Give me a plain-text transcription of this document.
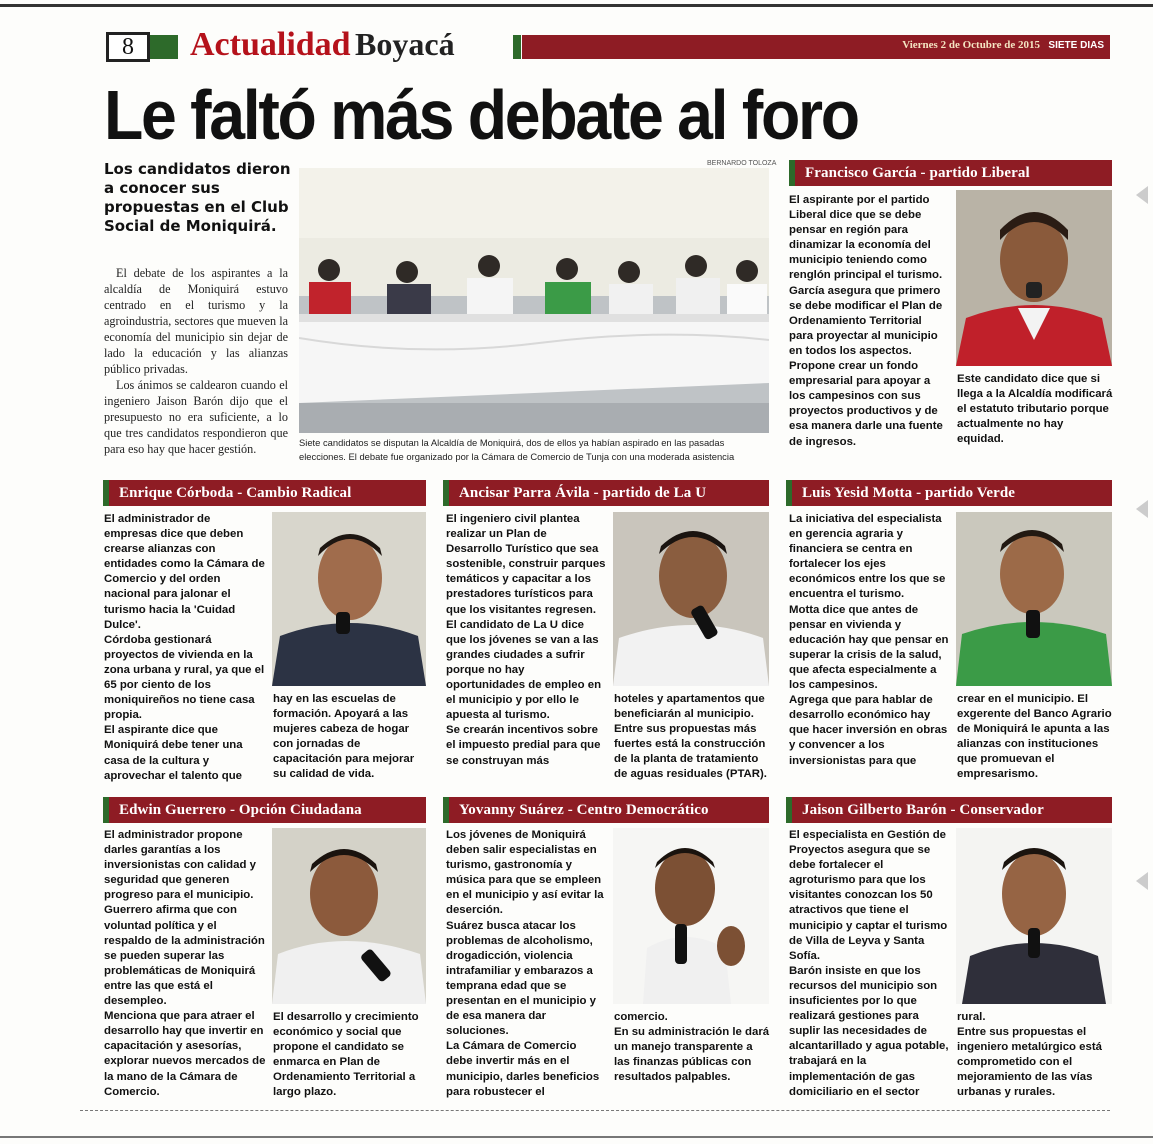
8	Actualidad Boyacá	Viernes 2 de Octubre de 2015 SIETE DIAS
Le faltó más debate al foro
Los candidatos dieron a conocer sus propuestas en el Club Social de Moniquirá.

El debate de los aspirantes a la alcaldía de Moniquirá estuvo centrado en el turismo y la agroindustria, sectores que mueven la economía del municipio sin dejar de lado la educación y las alianzas público privadas.

Los ánimos se caldearon cuando el ingeniero Jaison Barón dijo que el presupuesto no era suficiente, a lo que tres candidatos respondieron que para eso hay que hacer gestión.

BERNARDO TOLOZA
Siete candidatos se disputan la Alcaldía de Moniquirá, dos de ellos ya habían aspirado en las pasadas elecciones. El debate fue organizado por la Cámara de Comercio de Tunja con una moderada asistencia
Francisco García - partido Liberal
El aspirante por el partido Liberal dice que se debe pensar en región para dinamizar la economía del municipio teniendo como renglón principal el turismo.
García asegura que primero se debe modificar el Plan de Ordenamiento Territorial para proyectar al municipio en todos los aspectos.
Propone crear un fondo empresarial para apoyar a los campesinos con sus proyectos productivos y de esa manera darle una fuente de ingresos.
Este candidato dice que si llega a la Alcaldía modificará el estatuto tributario porque actualmente no hay equidad.
Enrique Córboda - Cambio Radical
El administrador de empresas dice que deben crearse alianzas con entidades como la Cámara de Comercio y del orden nacional para jalonar el turismo hacia la 'Cuidad Dulce'.
Córdoba gestionará proyectos de vivienda en la zona urbana y rural, ya que el 65 por ciento de los moniquireños no tiene casa propia.
El aspirante dice que Moniquirá debe tener una casa de la cultura y aprovechar el talento que
hay en las escuelas de formación. Apoyará a las mujeres cabeza de hogar con jornadas de capacitación para mejorar su calidad de vida.
Ancisar Parra Ávila - partido de La U
El ingeniero civil plantea realizar un Plan de Desarrollo Turístico que sea sostenible, construir parques temáticos y capacitar a los prestadores turísticos para que los visitantes regresen.
El candidato de La U dice que los jóvenes se van a las grandes ciudades a sufrir porque no hay oportunidades de empleo en el municipio y por ello le apuesta al turismo.
Se crearán incentivos sobre el impuesto predial para que se construyan más
hoteles y apartamentos que beneficiarán al municipio.
Entre sus propuestas más fuertes está la construcción de la planta de tratamiento de aguas residuales (PTAR).
Luis Yesid Motta - partido Verde
La iniciativa del especialista en gerencia agraria y financiera se centra en fortalecer los ejes económicos entre los que se encuentra el turismo.
Motta dice que antes de pensar en vivienda y educación hay que pensar en superar la crisis de la salud, que afecta especialmente a los campesinos.
Agrega que para hablar de desarrollo económico hay que hacer inversión en obras y convencer a los inversionistas para que
crear en el municipio. El exgerente del Banco Agrario de Moniquirá le apunta a las alianzas con instituciones que promuevan el empresarismo.
Edwin Guerrero - Opción Ciudadana
El administrador propone darles garantías a los inversionistas con calidad y seguridad que generen progreso para el municipio.
Guerrero afirma que con voluntad política y el respaldo de la administración se pueden superar las problemáticas de Moniquirá entre las que está el desempleo.
Menciona que para atraer el desarrollo hay que invertir en capacitación y asesorías, explorar nuevos mercados de la mano de la Cámara de Comercio.
El desarrollo y crecimiento económico y social que propone el candidato se enmarca en Plan de Ordenamiento Territorial a largo plazo.
Yovanny Suárez - Centro Democrático
Los jóvenes de Moniquirá deben salir especialistas en turismo, gastronomía y música para que se empleen en el municipio y así evitar la deserción.
Suárez busca atacar los problemas de alcoholismo, drogadicción, violencia intrafamiliar y embarazos a temprana edad que se presentan en el municipio y de esa manera dar soluciones.
La Cámara de Comercio debe invertir más en el municipio, darles beneficios para robustecer el
comercio.
En su administración le dará un manejo transparente a las finanzas públicas con resultados palpables.
Jaison Gilberto Barón - Conservador
El especialista en Gestión de Proyectos asegura que se debe fortalecer el agroturismo para que los visitantes conozcan los 50 atractivos que tiene el municipio y captar el turismo de Villa de Leyva y Santa Sofía.
Barón insiste en que los recursos del municipio son insuficientes por lo que realizará gestiones para suplir las necesidades de alcantarillado y agua potable, trabajará en la implementación de gas domiciliario en el sector
rural.
Entre sus propuestas el ingeniero metalúrgico está comprometido con el mejoramiento de las vías urbanas y rurales.
